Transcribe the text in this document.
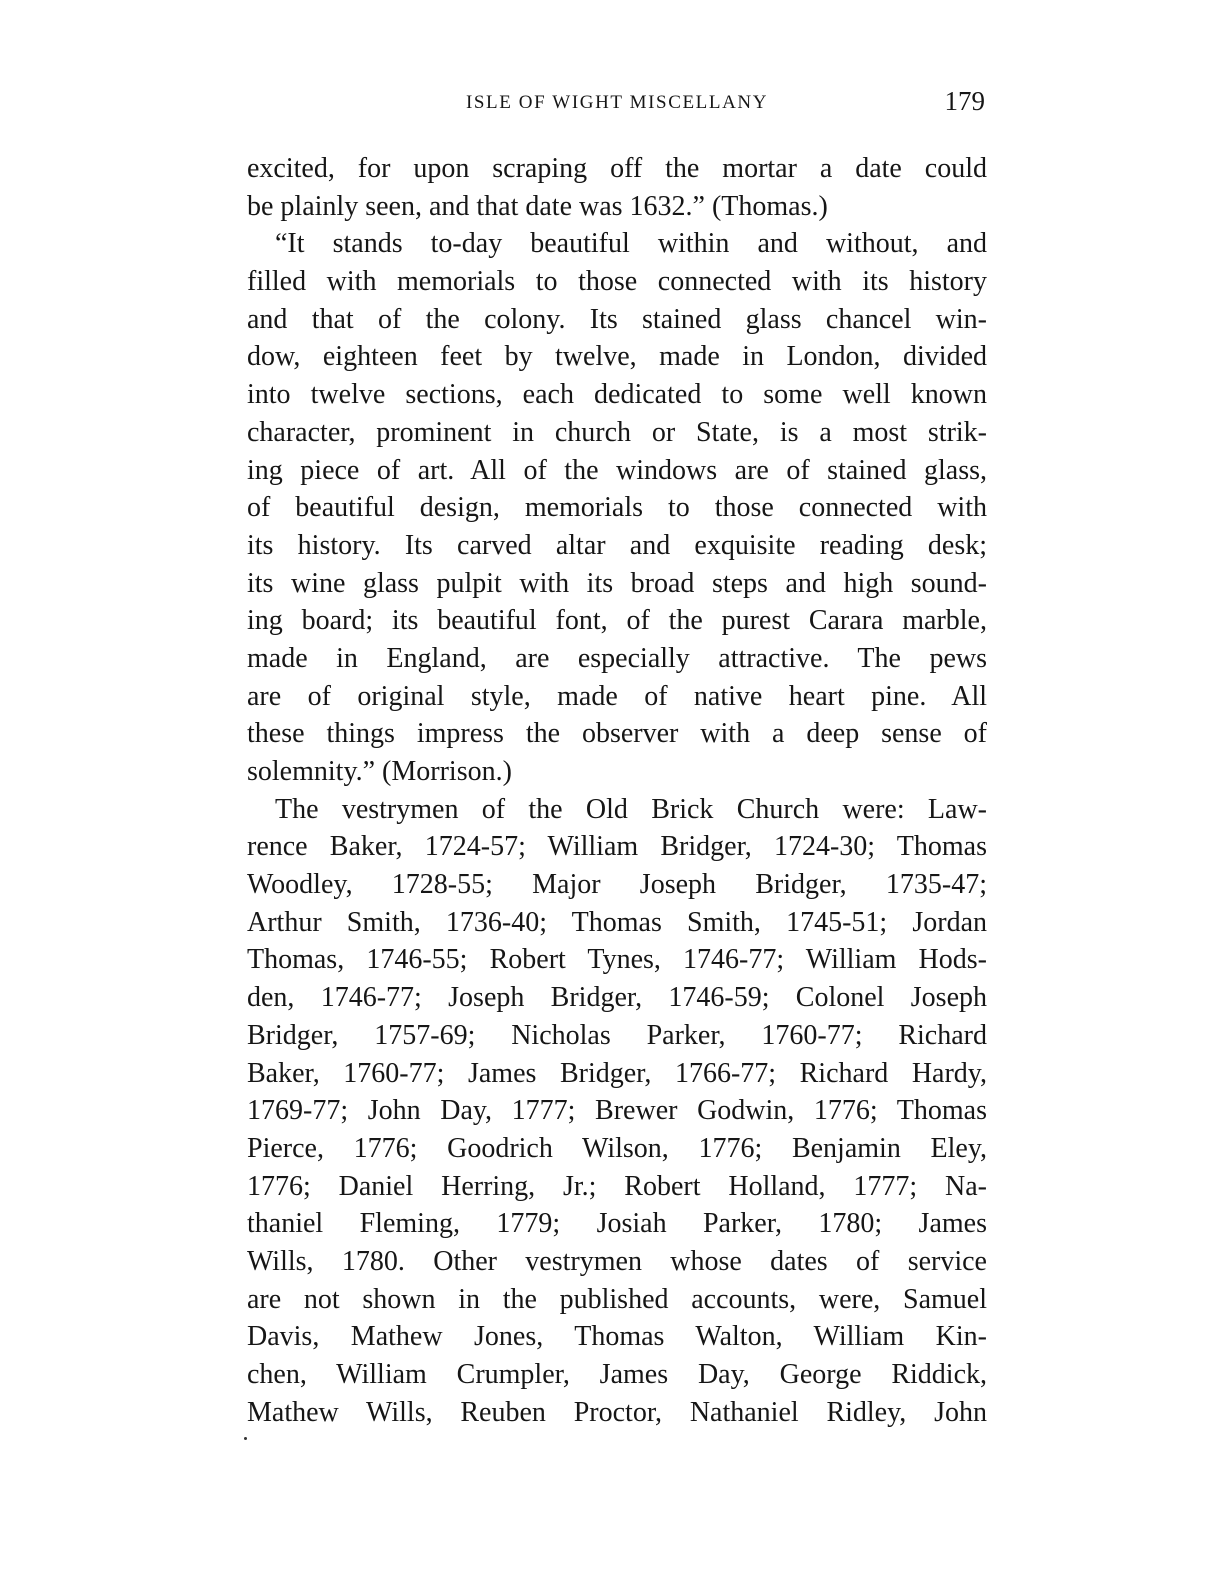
ISLE OF WIGHT MISCELLANY	179
excited, for upon scraping off the mortar a date could
be plainly seen, and that date was 1632.” (Thomas.)
“It stands to-day beautiful within and without, and
filled with memorials to those connected with its history
and that of the colony. Its stained glass chancel win-
dow, eighteen feet by twelve, made in London, divided
into twelve sections, each dedicated to some well known
character, prominent in church or State, is a most strik-
ing piece of art. All of the windows are of stained glass,
of beautiful design, memorials to those connected with
its history. Its carved altar and exquisite reading desk;
its wine glass pulpit with its broad steps and high sound-
ing board; its beautiful font, of the purest Carara marble,
made in England, are especially attractive. The pews
are of original style, made of native heart pine. All
these things impress the observer with a deep sense of
solemnity.” (Morrison.)
The vestrymen of the Old Brick Church were: Law-
rence Baker, 1724-57; William Bridger, 1724-30; Thomas
Woodley, 1728-55; Major Joseph Bridger, 1735-47;
Arthur Smith, 1736-40; Thomas Smith, 1745-51; Jordan
Thomas, 1746-55; Robert Tynes, 1746-77; William Hods-
den, 1746-77; Joseph Bridger, 1746-59; Colonel Joseph
Bridger, 1757-69; Nicholas Parker, 1760-77; Richard
Baker, 1760-77; James Bridger, 1766-77; Richard Hardy,
1769-77; John Day, 1777; Brewer Godwin, 1776; Thomas
Pierce, 1776; Goodrich Wilson, 1776; Benjamin Eley,
1776; Daniel Herring, Jr.; Robert Holland, 1777; Na-
thaniel Fleming, 1779; Josiah Parker, 1780; James
Wills, 1780. Other vestrymen whose dates of service
are not shown in the published accounts, were, Samuel
Davis, Mathew Jones, Thomas Walton, William Kin-
chen, William Crumpler, James Day, George Riddick,
Mathew Wills, Reuben Proctor, Nathaniel Ridley, John
